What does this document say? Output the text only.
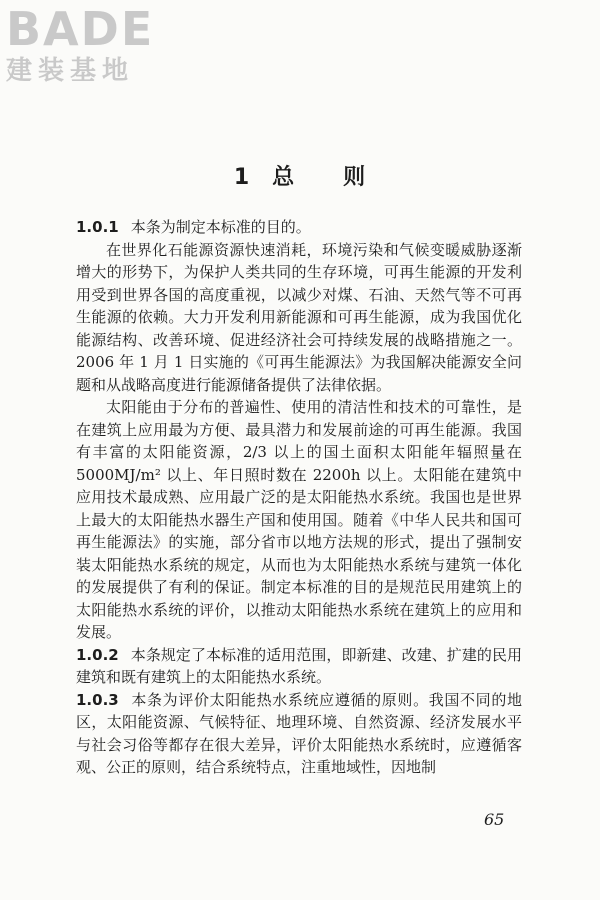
BADE
建装基地
1 总 则

1.0.1 本条为制定本标准的目的。

在世界化石能源资源快速消耗，环境污染和气候变暖威胁逐渐增大的形势下，为保护人类共同的生存环境，可再生能源的开发利用受到世界各国的高度重视，以减少对煤、石油、天然气等不可再生能源的依赖。大力开发利用新能源和可再生能源，成为我国优化能源结构、改善环境、促进经济社会可持续发展的战略措施之一。2006 年 1 月 1 日实施的《可再生能源法》为我国解决能源安全问题和从战略高度进行能源储备提供了法律依据。

太阳能由于分布的普遍性、使用的清洁性和技术的可靠性，是在建筑上应用最为方便、最具潜力和发展前途的可再生能源。我国有丰富的太阳能资源，2/3 以上的国土面积太阳能年辐照量在 5000MJ/m² 以上、年日照时数在 2200h 以上。太阳能在建筑中应用技术最成熟、应用最广泛的是太阳能热水系统。我国也是世界上最大的太阳能热水器生产国和使用国。随着《中华人民共和国可再生能源法》的实施，部分省市以地方法规的形式，提出了强制安装太阳能热水系统的规定，从而也为太阳能热水系统与建筑一体化的发展提供了有利的保证。制定本标准的目的是规范民用建筑上的太阳能热水系统的评价，以推动太阳能热水系统在建筑上的应用和发展。

1.0.2 本条规定了本标准的适用范围，即新建、改建、扩建的民用建筑和既有建筑上的太阳能热水系统。

1.0.3 本条为评价太阳能热水系统应遵循的原则。我国不同的地区，太阳能资源、气候特征、地理环境、自然资源、经济发展水平与社会习俗等都存在很大差异，评价太阳能热水系统时，应遵循客观、公正的原则，结合系统特点，注重地域性，因地制

65
